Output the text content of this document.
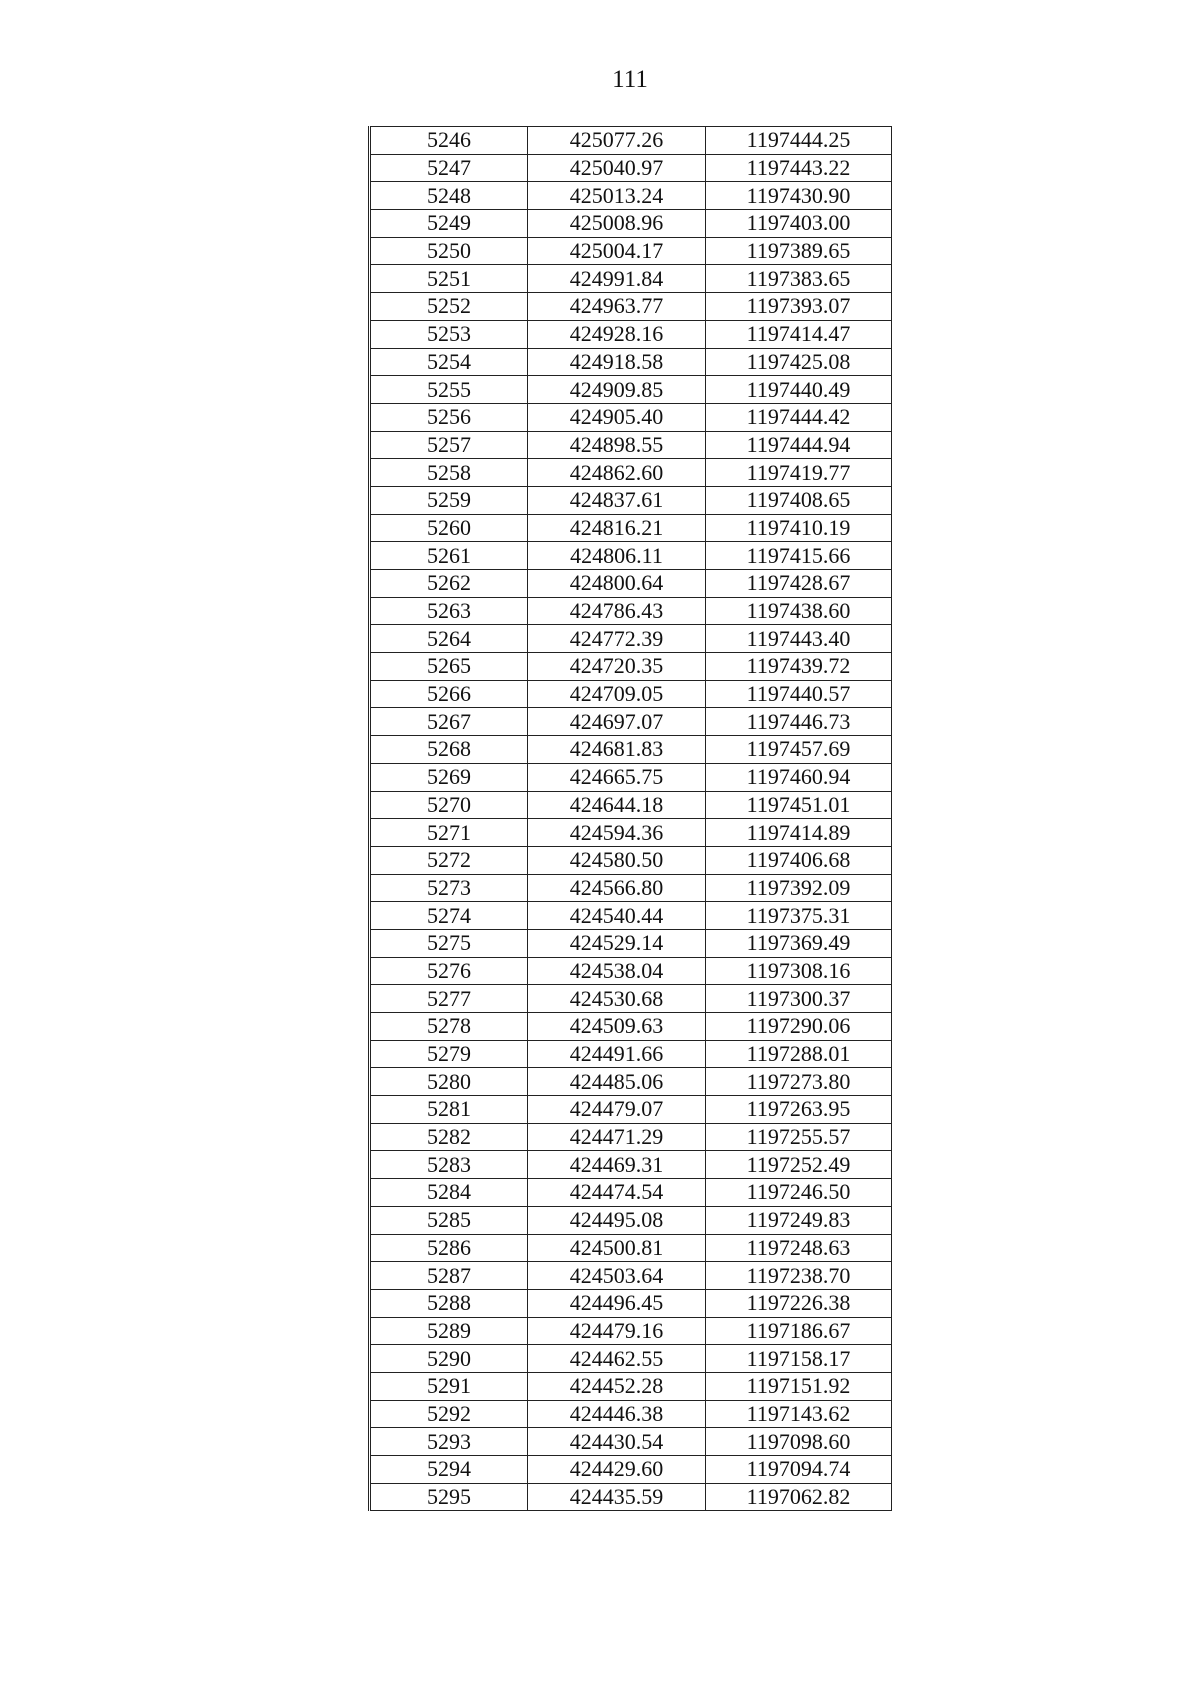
111
5246	425077.26	1197444.25
5247	425040.97	1197443.22
5248	425013.24	1197430.90
5249	425008.96	1197403.00
5250	425004.17	1197389.65
5251	424991.84	1197383.65
5252	424963.77	1197393.07
5253	424928.16	1197414.47
5254	424918.58	1197425.08
5255	424909.85	1197440.49
5256	424905.40	1197444.42
5257	424898.55	1197444.94
5258	424862.60	1197419.77
5259	424837.61	1197408.65
5260	424816.21	1197410.19
5261	424806.11	1197415.66
5262	424800.64	1197428.67
5263	424786.43	1197438.60
5264	424772.39	1197443.40
5265	424720.35	1197439.72
5266	424709.05	1197440.57
5267	424697.07	1197446.73
5268	424681.83	1197457.69
5269	424665.75	1197460.94
5270	424644.18	1197451.01
5271	424594.36	1197414.89
5272	424580.50	1197406.68
5273	424566.80	1197392.09
5274	424540.44	1197375.31
5275	424529.14	1197369.49
5276	424538.04	1197308.16
5277	424530.68	1197300.37
5278	424509.63	1197290.06
5279	424491.66	1197288.01
5280	424485.06	1197273.80
5281	424479.07	1197263.95
5282	424471.29	1197255.57
5283	424469.31	1197252.49
5284	424474.54	1197246.50
5285	424495.08	1197249.83
5286	424500.81	1197248.63
5287	424503.64	1197238.70
5288	424496.45	1197226.38
5289	424479.16	1197186.67
5290	424462.55	1197158.17
5291	424452.28	1197151.92
5292	424446.38	1197143.62
5293	424430.54	1197098.60
5294	424429.60	1197094.74
5295	424435.59	1197062.82
